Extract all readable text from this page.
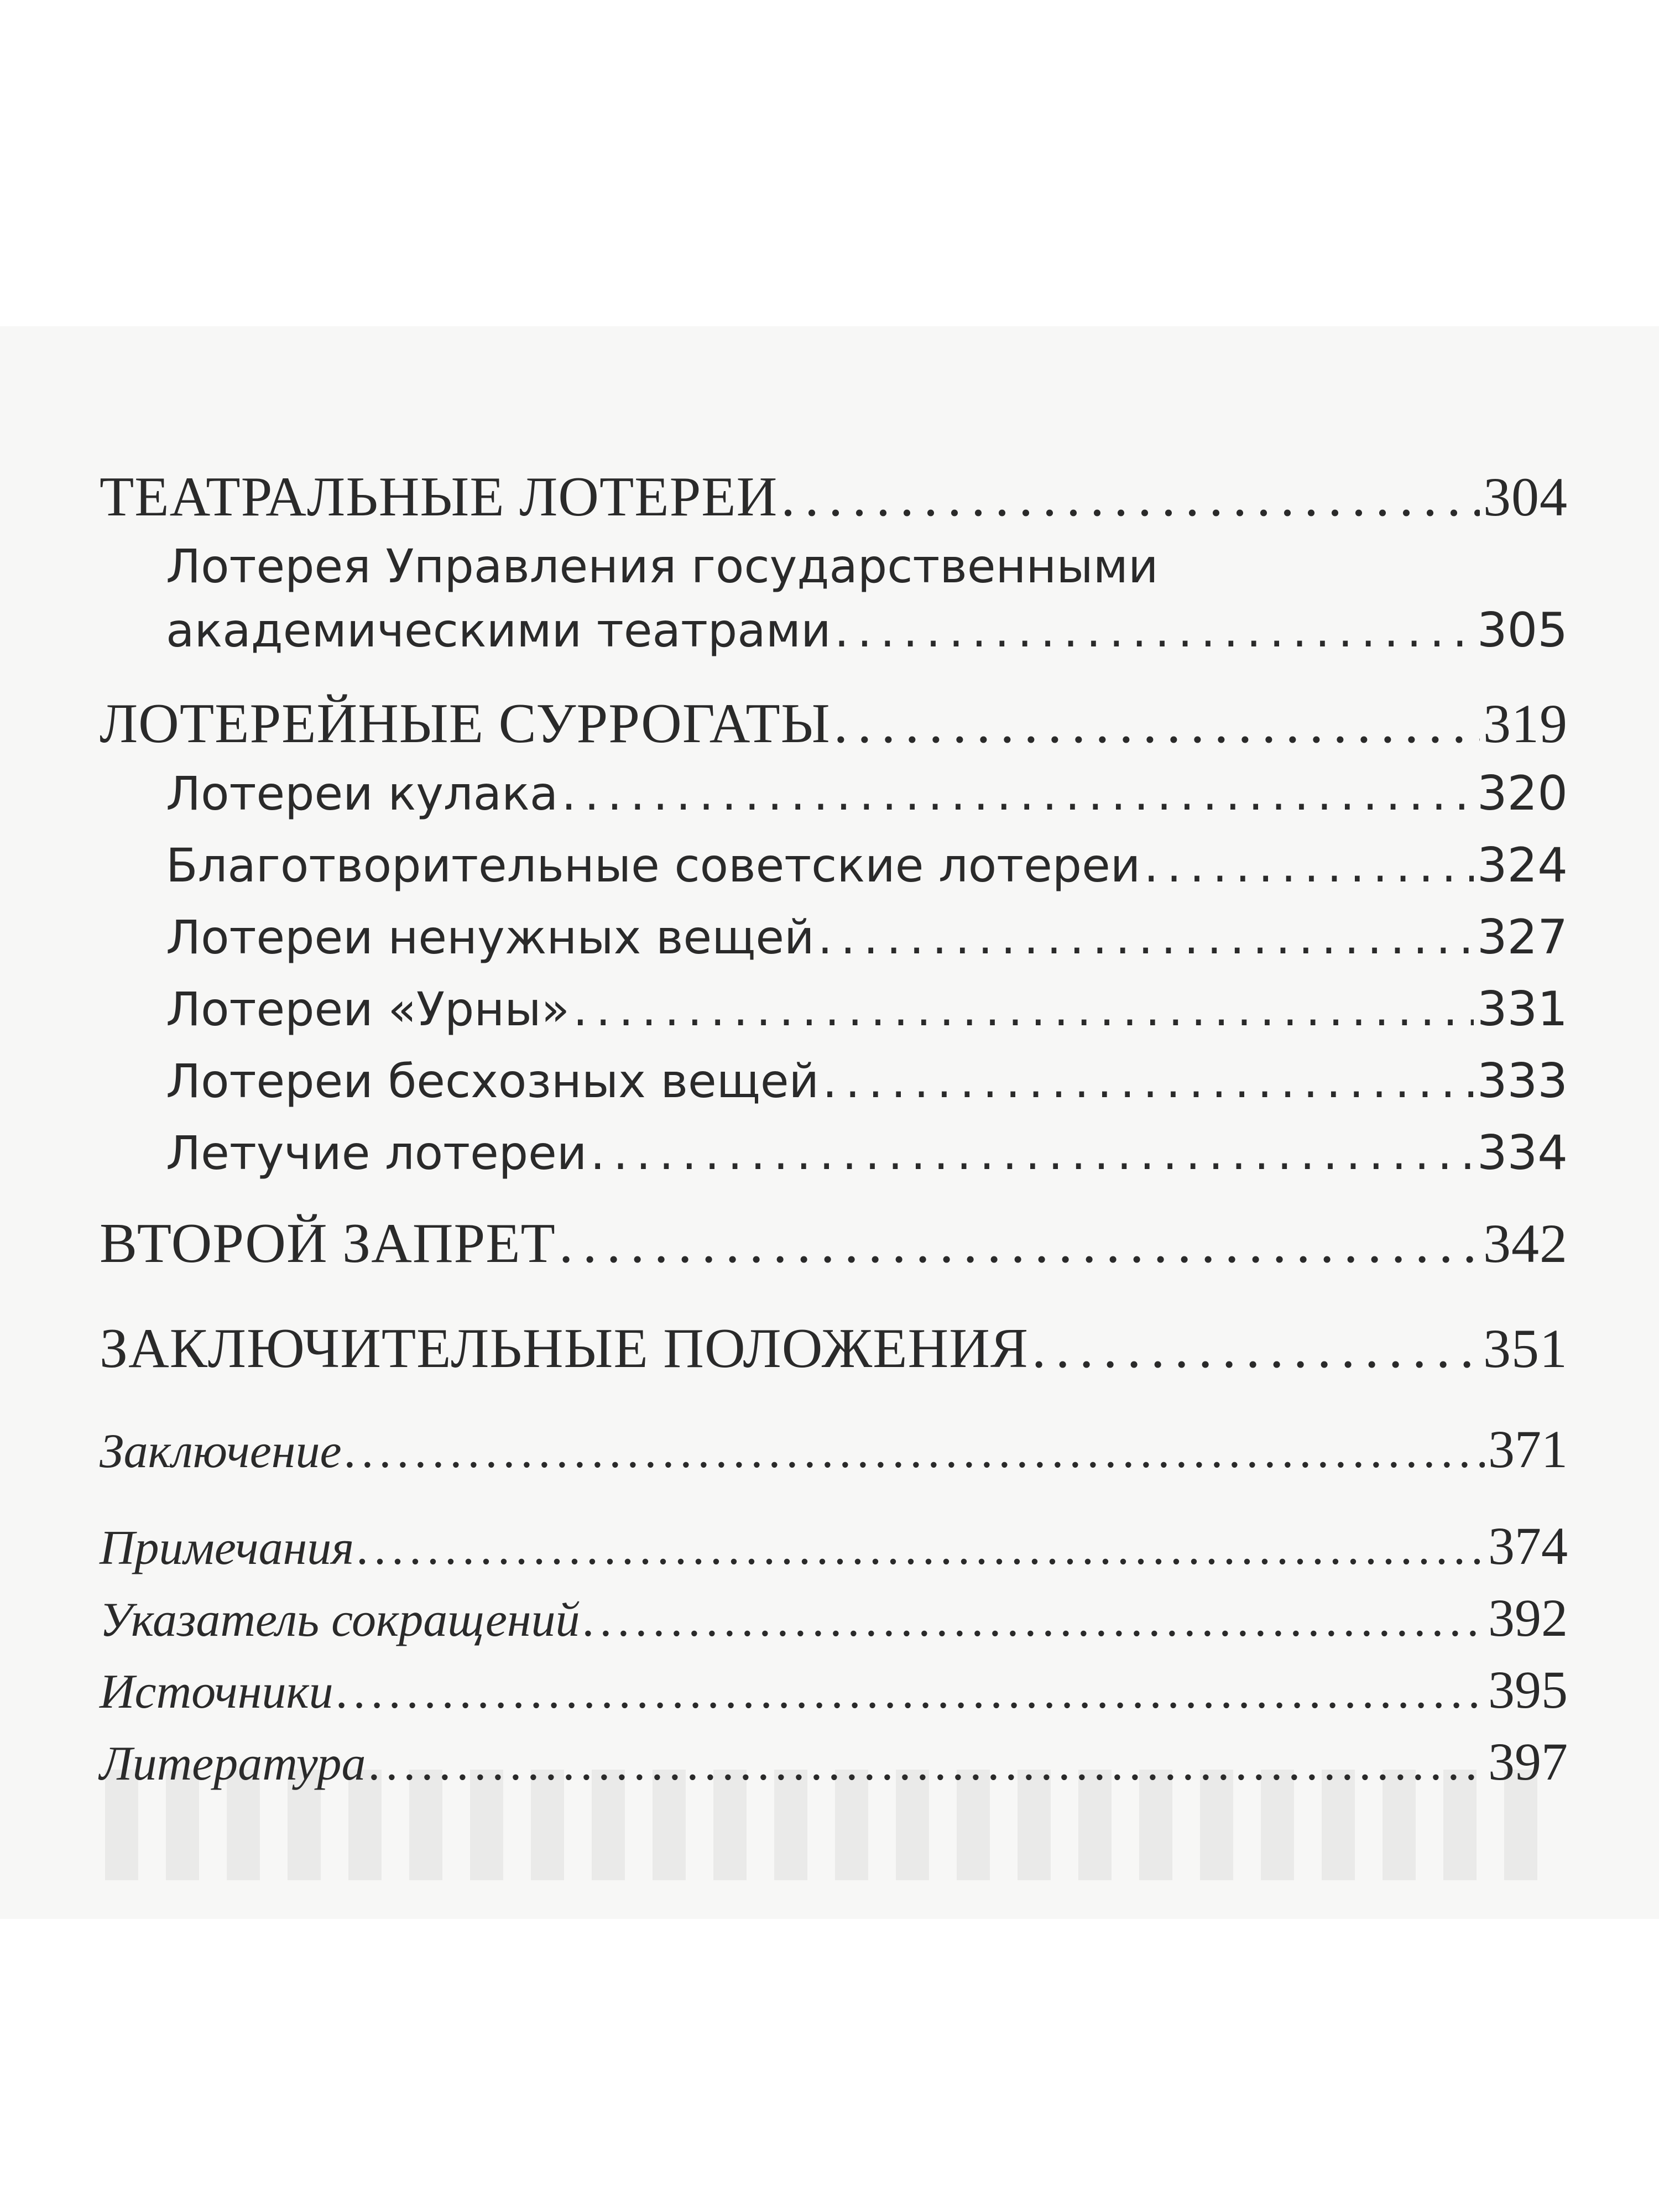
ТЕАТРАЛЬНЫЕ ЛОТЕРЕИ . . .	304
Лотерея Управления государственными
академическими театрами . . .	305
ЛОТЕРЕЙНЫЕ СУРРОГАТЫ . . .	319
Лотереи кулака . . .	320
Благотворительные советские лотереи . . .	324
Лотереи ненужных вещей . . .	327
Лотереи «Урны» . . .	331
Лотереи бесхозных вещей . . .	333
Летучие лотереи . . .	334
ВТОРОЙ ЗАПРЕТ . . .	342
ЗАКЛЮЧИТЕЛЬНЫЕ ПОЛОЖЕНИЯ . . .	351
Заключение . . .	371
Примечания . . .	374
Указатель сокращений . . .	392
Источники . . .	395
Литература . . .	397
